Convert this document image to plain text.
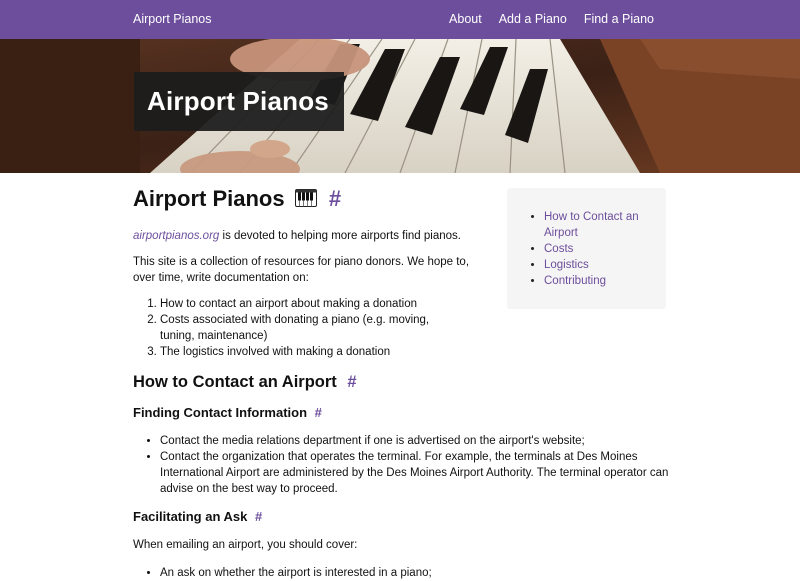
Airport Pianos	About Add a Piano Find a Piano
Airport Pianos
Airport Pianos #
airportpianos.org is devoted to helping more airports find pianos.
This site is a collection of resources for piano donors. We hope to, over time, write documentation on:
1. How to contact an airport about making a donation
2. Costs associated with donating a piano (e.g. moving, tuning, maintenance)
3. The logistics involved with making a donation
How to Contact an Airport #
Finding Contact Information #
• Contact the media relations department if one is advertised on the airport's website;
• Contact the organization that operates the terminal. For example, the terminals at Des Moines International Airport are administered by the Des Moines Airport Authority. The terminal operator can advise on the best way to proceed.
Facilitating an Ask #
When emailing an airport, you should cover:
• An ask on whether the airport is interested in a piano;
• How to Contact an Airport
• Costs
• Logistics
• Contributing
